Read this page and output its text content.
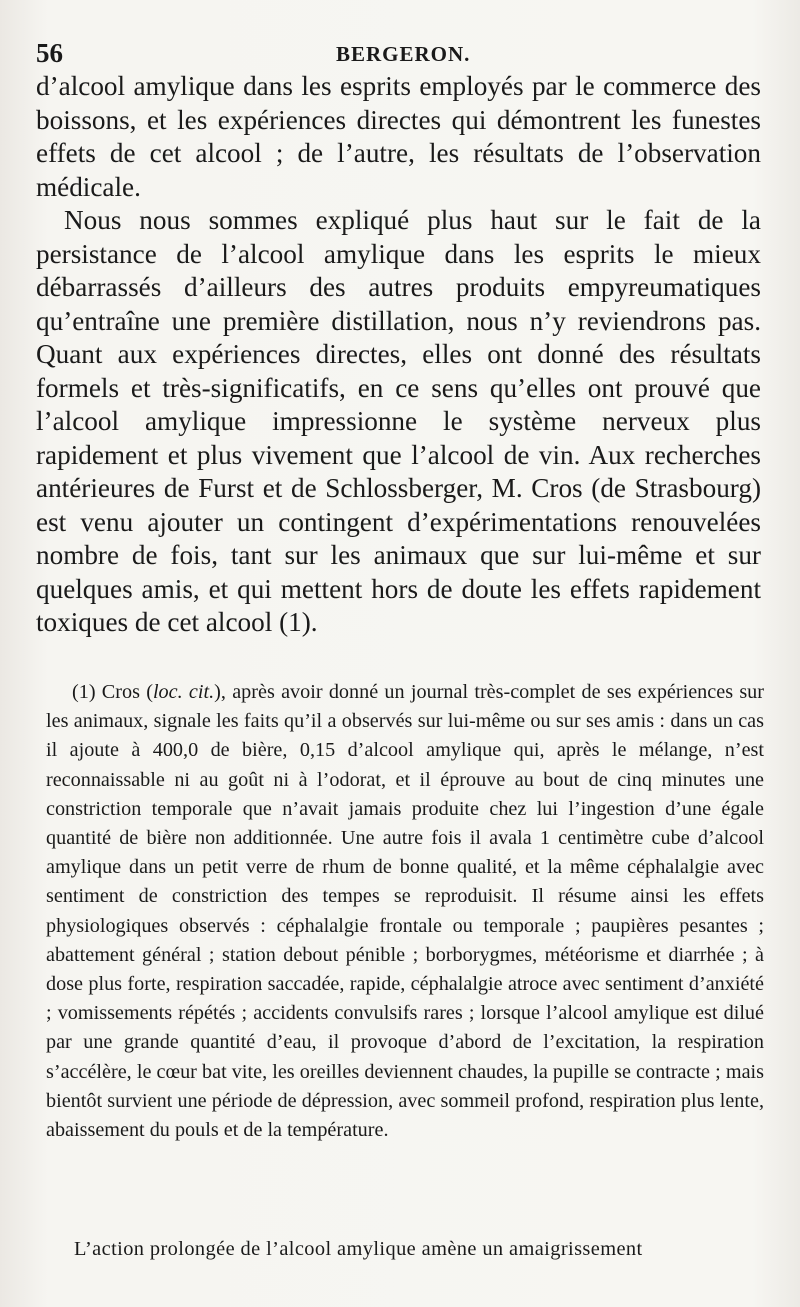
56	BERGERON.

d’alcool amylique dans les esprits employés par le commerce des boissons, et les expériences directes qui démontrent les funestes effets de cet alcool ; de l’autre, les résultats de l’observation médicale.

Nous nous sommes expliqué plus haut sur le fait de la persistance de l’alcool amylique dans les esprits le mieux débarrassés d’ailleurs des autres produits empyreumatiques qu’entraîne une première distillation, nous n’y reviendrons pas. Quant aux expériences directes, elles ont donné des résultats formels et très-significatifs, en ce sens qu’elles ont prouvé que l’alcool amylique impressionne le système nerveux plus rapidement et plus vivement que l’alcool de vin. Aux recherches antérieures de Furst et de Schlossberger, M. Cros (de Strasbourg) est venu ajouter un contingent d’expérimentations renouvelées nombre de fois, tant sur les animaux que sur lui-même et sur quelques amis, et qui mettent hors de doute les effets rapidement toxiques de cet alcool (1).

(1) Cros (loc. cit.), après avoir donné un journal très-complet de ses expériences sur les animaux, signale les faits qu’il a observés sur lui-même ou sur ses amis : dans un cas il ajoute à 400,0 de bière, 0,15 d’alcool amylique qui, après le mélange, n’est reconnaissable ni au goût ni à l’odorat, et il éprouve au bout de cinq minutes une constriction temporale que n’avait jamais produite chez lui l’ingestion d’une égale quantité de bière non additionnée. Une autre fois il avala 1 centimètre cube d’alcool amylique dans un petit verre de rhum de bonne qualité, et la même céphalalgie avec sentiment de constriction des tempes se reproduisit. Il résume ainsi les effets physiologiques observés : céphalalgie frontale ou temporale ; paupières pesantes ; abattement général ; station debout pénible ; borborygmes, météorisme et diarrhée ; à dose plus forte, respiration saccadée, rapide, céphalalgie atroce avec sentiment d’anxiété ; vomissements répétés ; accidents convulsifs rares ; lorsque l’alcool amylique est dilué par une grande quantité d’eau, il provoque d’abord de l’excitation, la respiration s’accélère, le cœur bat vite, les oreilles deviennent chaudes, la pupille se contracte ; mais bientôt survient une période de dépression, avec sommeil profond, respiration plus lente, abaissement du pouls et de la température.
L’action prolongée de l’alcool amylique amène un amaigrissement
